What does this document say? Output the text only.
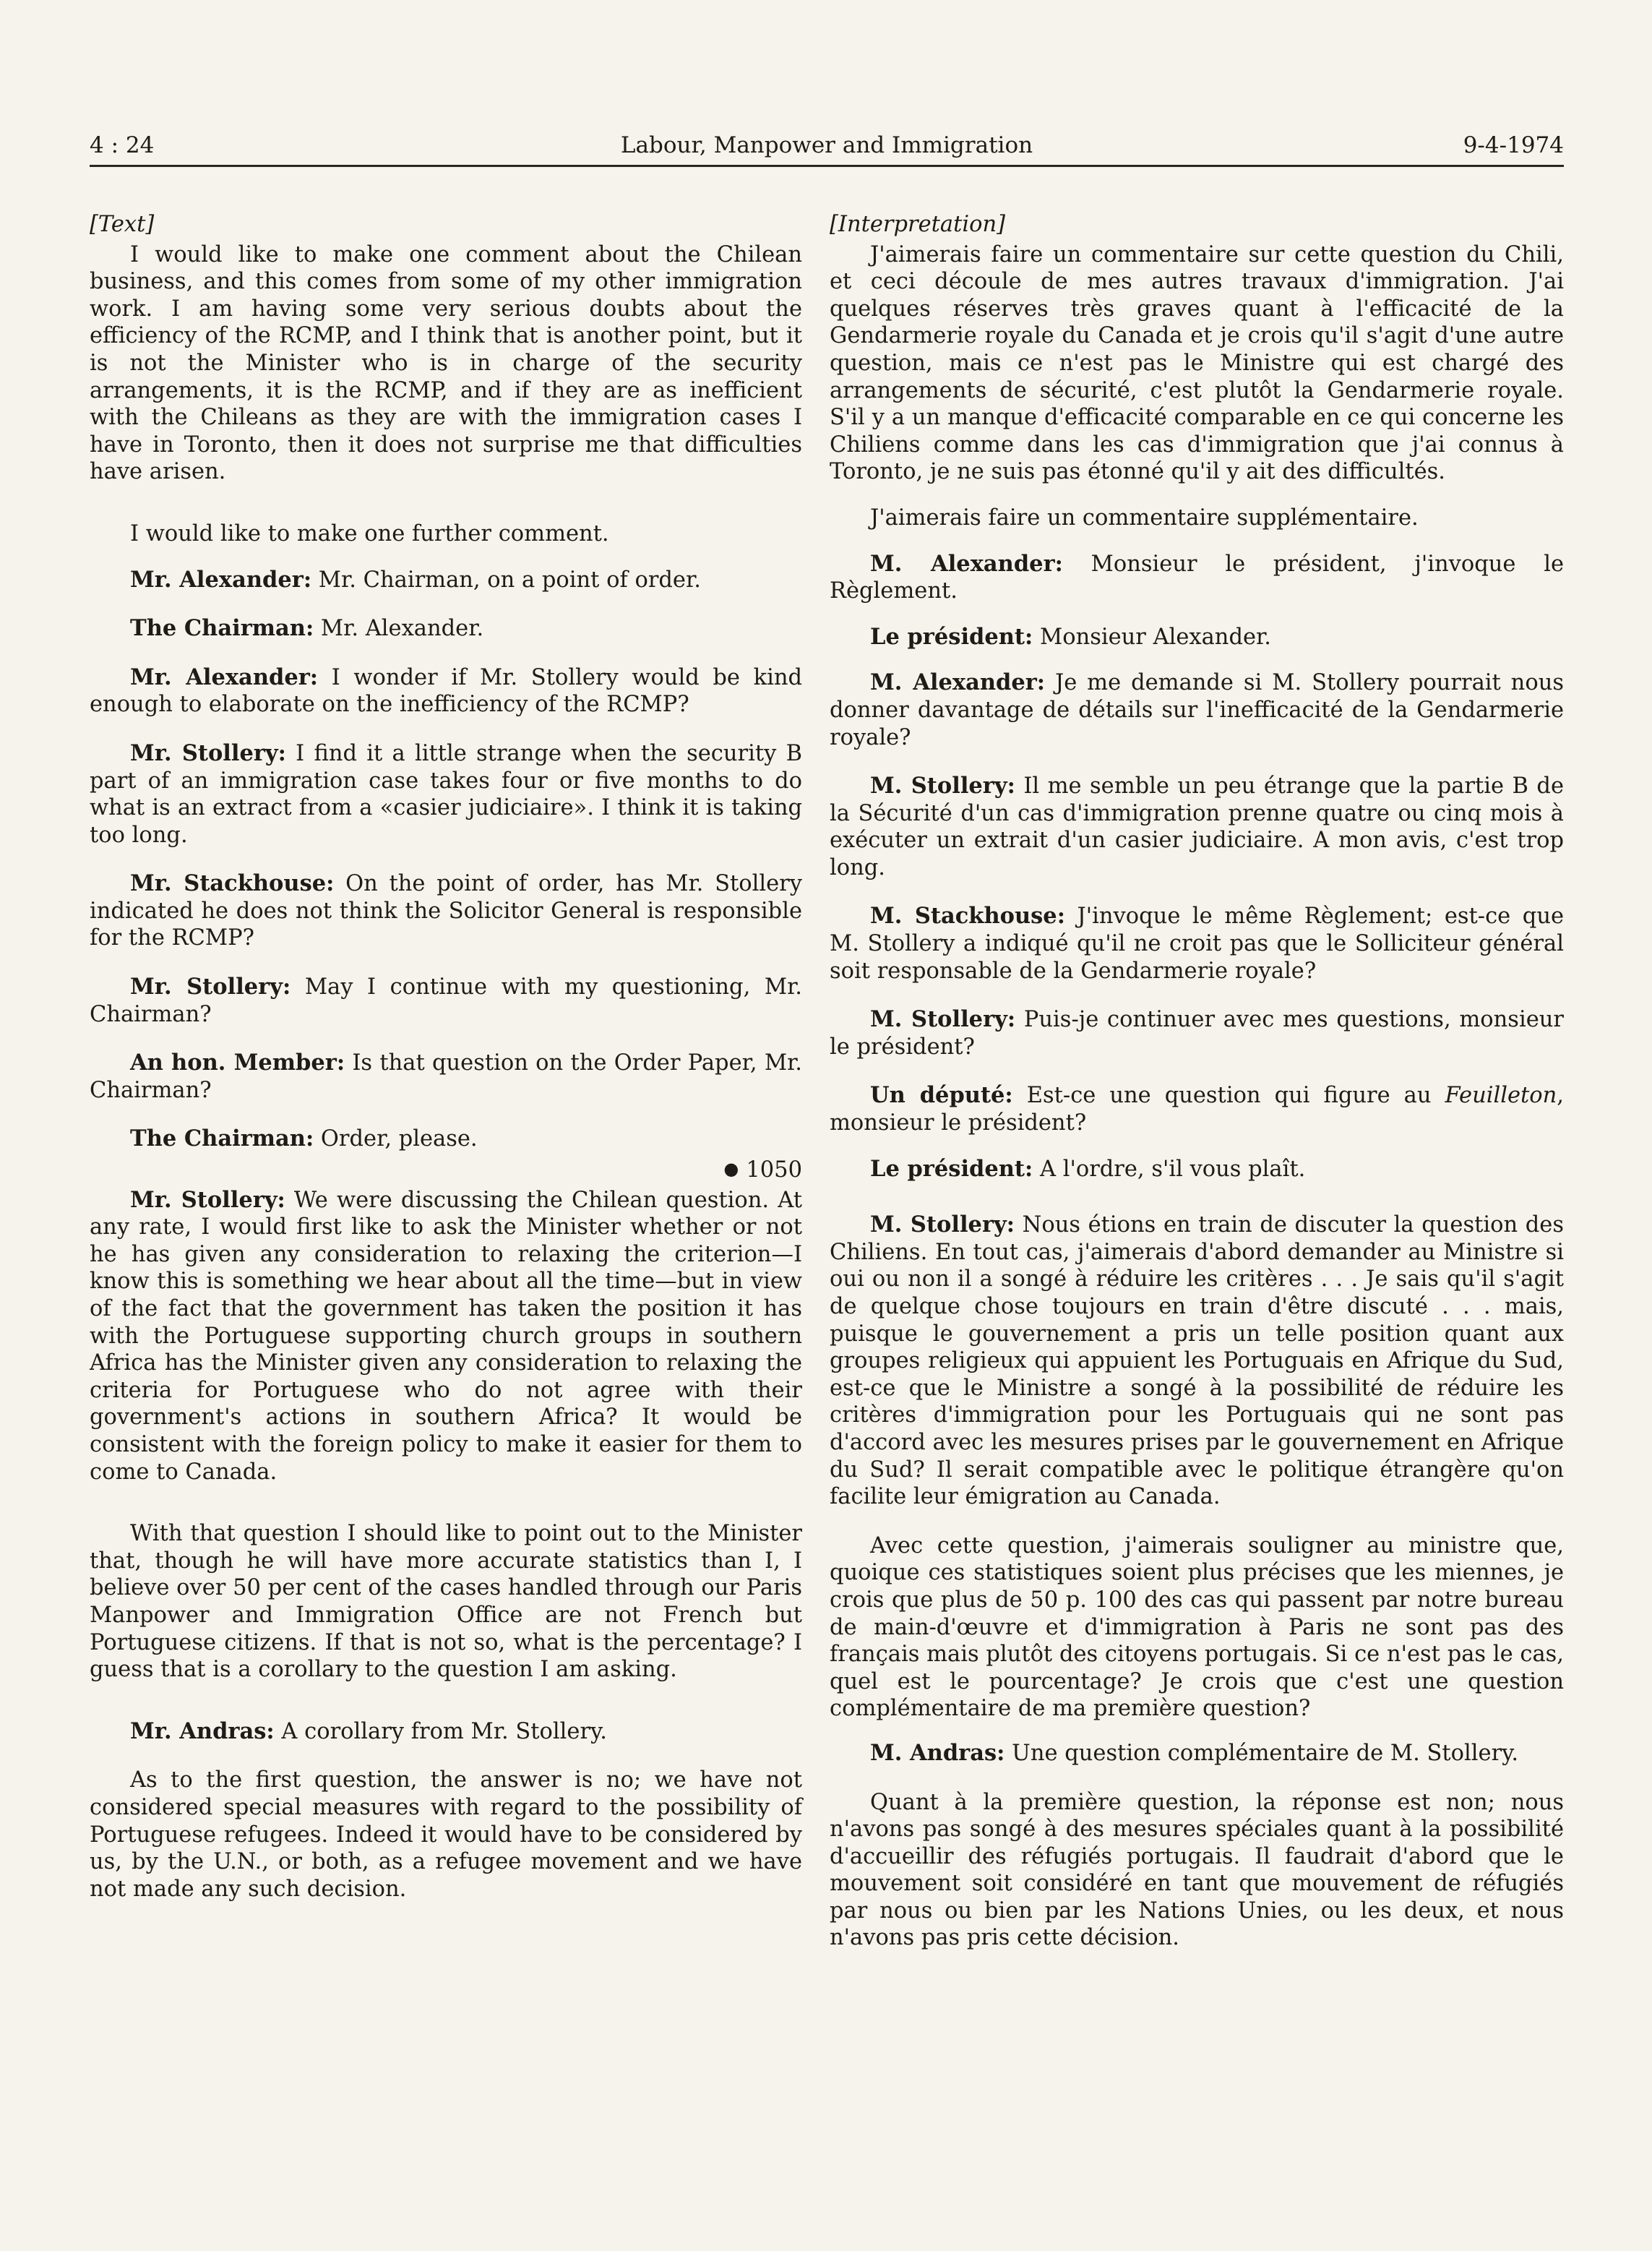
4 : 24	Labour, Manpower and Immigration	9-4-1974

[Text]

I would like to make one comment about the Chilean business, and this comes from some of my other immigration work. I am having some very serious doubts about the efficiency of the RCMP, and I think that is another point, but it is not the Minister who is in charge of the security arrangements, it is the RCMP, and if they are as inefficient with the Chileans as they are with the immigration cases I have in Toronto, then it does not surprise me that difficulties have arisen.

I would like to make one further comment.

Mr. Alexander: Mr. Chairman, on a point of order.

The Chairman: Mr. Alexander.

Mr. Alexander: I wonder if Mr. Stollery would be kind enough to elaborate on the inefficiency of the RCMP?

Mr. Stollery: I find it a little strange when the security B part of an immigration case takes four or five months to do what is an extract from a «casier judiciaire». I think it is taking too long.

Mr. Stackhouse: On the point of order, has Mr. Stollery indicated he does not think the Solicitor General is responsible for the RCMP?

Mr. Stollery: May I continue with my questioning, Mr. Chairman?

An hon. Member: Is that question on the Order Paper, Mr. Chairman?

The Chairman: Order, please.

● 1050

Mr. Stollery: We were discussing the Chilean question. At any rate, I would first like to ask the Minister whether or not he has given any consideration to relaxing the criterion—I know this is something we hear about all the time—but in view of the fact that the government has taken the position it has with the Portuguese supporting church groups in southern Africa has the Minister given any consideration to relaxing the criteria for Portuguese who do not agree with their government's actions in southern Africa? It would be consistent with the foreign policy to make it easier for them to come to Canada.

With that question I should like to point out to the Minister that, though he will have more accurate statistics than I, I believe over 50 per cent of the cases handled through our Paris Manpower and Immigration Office are not French but Portuguese citizens. If that is not so, what is the percentage? I guess that is a corollary to the question I am asking.

Mr. Andras: A corollary from Mr. Stollery.

As to the first question, the answer is no; we have not considered special measures with regard to the possibility of Portuguese refugees. Indeed it would have to be considered by us, by the U.N., or both, as a refugee movement and we have not made any such decision.

[Interpretation]

J'aimerais faire un commentaire sur cette question du Chili, et ceci découle de mes autres travaux d'immigration. J'ai quelques réserves très graves quant à l'efficacité de la Gendarmerie royale du Canada et je crois qu'il s'agit d'une autre question, mais ce n'est pas le Ministre qui est chargé des arrangements de sécurité, c'est plutôt la Gendarmerie royale. S'il y a un manque d'efficacité comparable en ce qui concerne les Chiliens comme dans les cas d'immigration que j'ai connus à Toronto, je ne suis pas étonné qu'il y ait des difficultés.

J'aimerais faire un commentaire supplémentaire.

M. Alexander: Monsieur le président, j'invoque le Règlement.

Le président: Monsieur Alexander.

M. Alexander: Je me demande si M. Stollery pourrait nous donner davantage de détails sur l'inefficacité de la Gendarmerie royale?

M. Stollery: Il me semble un peu étrange que la partie B de la Sécurité d'un cas d'immigration prenne quatre ou cinq mois à exécuter un extrait d'un casier judiciaire. A mon avis, c'est trop long.

M. Stackhouse: J'invoque le même Règlement; est-ce que M. Stollery a indiqué qu'il ne croit pas que le Solliciteur général soit responsable de la Gendarmerie royale?

M. Stollery: Puis-je continuer avec mes questions, monsieur le président?

Un député: Est-ce une question qui figure au Feuilleton, monsieur le président?

Le président: A l'ordre, s'il vous plaît.

M. Stollery: Nous étions en train de discuter la question des Chiliens. En tout cas, j'aimerais d'abord demander au Ministre si oui ou non il a songé à réduire les critères . . . Je sais qu'il s'agit de quelque chose toujours en train d'être discuté . . . mais, puisque le gouvernement a pris un telle position quant aux groupes religieux qui appuient les Portuguais en Afrique du Sud, est-ce que le Ministre a songé à la possibilité de réduire les critères d'immigration pour les Portuguais qui ne sont pas d'accord avec les mesures prises par le gouvernement en Afrique du Sud? Il serait compatible avec le politique étrangère qu'on facilite leur émigration au Canada.

Avec cette question, j'aimerais souligner au ministre que, quoique ces statistiques soient plus précises que les miennes, je crois que plus de 50 p. 100 des cas qui passent par notre bureau de main-d'œuvre et d'immigration à Paris ne sont pas des français mais plutôt des citoyens portugais. Si ce n'est pas le cas, quel est le pourcentage? Je crois que c'est une question complémentaire de ma première question?

M. Andras: Une question complémentaire de M. Stollery.

Quant à la première question, la réponse est non; nous n'avons pas songé à des mesures spéciales quant à la possibilité d'accueillir des réfugiés portugais. Il faudrait d'abord que le mouvement soit considéré en tant que mouvement de réfugiés par nous ou bien par les Nations Unies, ou les deux, et nous n'avons pas pris cette décision.
